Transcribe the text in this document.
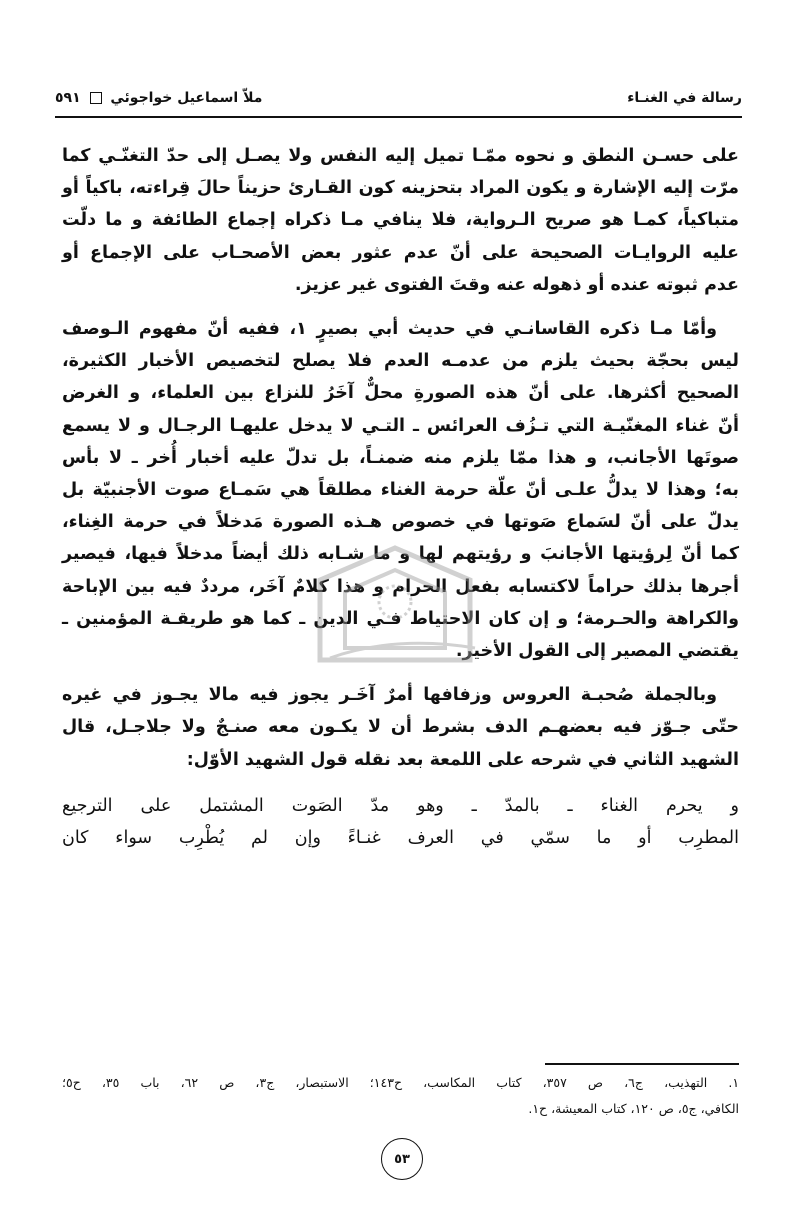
رسالة في الغنـاء
ملاّ اسماعيل خواجوئي  ٥٩١

على حسـن النطق و نحوه ممّـا تميل إليه النفس ولا يصـل إلى حدّ التغنّـي كما
مرّت إليه الإشارة و يكون المراد بتحزينه كون القـارئ حزيناً حالَ قِراءته، باكياً أو
متباكياً، كمـا هو صريح الـرواية، فلا ينافي مـا ذكراه إجماع الطائفة و ما دلّت
عليه الروايـات الصحيحة على أنّ عدم عثور بعض الأصحـاب على الإجماع أو
عدم ثبوته عنده أو ذهوله عنه وقتَ الفتوى غير عزيز.

وأمّا مـا ذكره القاسانـي في حديث أبي بصيرٍ ١، ففيه أنّ مفهوم الـوصف
ليس بحجّة بحيث يلزم من عدمـه العدم فلا يصلح لتخصيص الأخبار الكثيرة،
الصحيح أكثرها. على أنّ هذه الصورةِ محلٌّ آخَرُ للنزاع بين العلماء، و الغرض
أنّ غناء المغنّيـة التي تـزُف العرائس ـ التـي لا يدخل عليهـا الرجـال و لا يسمع
صوتَها الأجانب، و هذا ممّا يلزم منه ضمنـاً، بل تدلّ عليه أخبار أُخر ـ لا بأس
به؛ وهذا لا يدلُّ علـى أنّ علّة حرمة الغناء مطلقاً هي سَمـاع صوت الأجنبيّة بل
يدلّ على أنّ لسَماع صَوتها في خصوص هـذه الصورة مَدخلاً في حرمة الغِناء،
كما أنّ لِرؤيتها الأجانبَ و رؤيتهم لها و ما شـابه ذلك أيضاً مدخلاً فيها، فيصير
أجرها بذلك حراماً لاكتسابه بفعل الحرام و هذا كلامٌ آخَر، مرددٌ فيه بين الإباحة
والكراهة والحـرمة؛ و إن كان الاحتياط فـي الدين ـ كما هو طريقـة المؤمنين ـ
يقتضي المصير إلى القول الأخير.

وبالجملة صُحبـة العروس وزفافها أمرٌ آخَـر يجوز فيه مالا يجـوز في غيره
حتّى جـوّز فيه بعضهـم الدف بشرط أن لا يكـون معه صنـجٌ ولا جلاجـل، قال
الشهيد الثاني في شرحه على اللمعة بعد نقله قول الشهيد الأوّل:

و يحرم الغناء ـ بالمدّ ـ وهو مدّ الصَوت المشتمل على الترجيع
المطرِب أو ما سمّي في العرف غنـاءً وإن لم يُطْرِب سواء كان

١. التهذيب، ج٦، ص ٣٥٧، كتاب المكاسب، ح١٤٣؛ الاستبصار، ج٣، ص ٦٢، باب ٣٥، ح٥؛
الكافي، ج٥، ص ١٢٠، كتاب المعيشة، ح١.
٥٣
